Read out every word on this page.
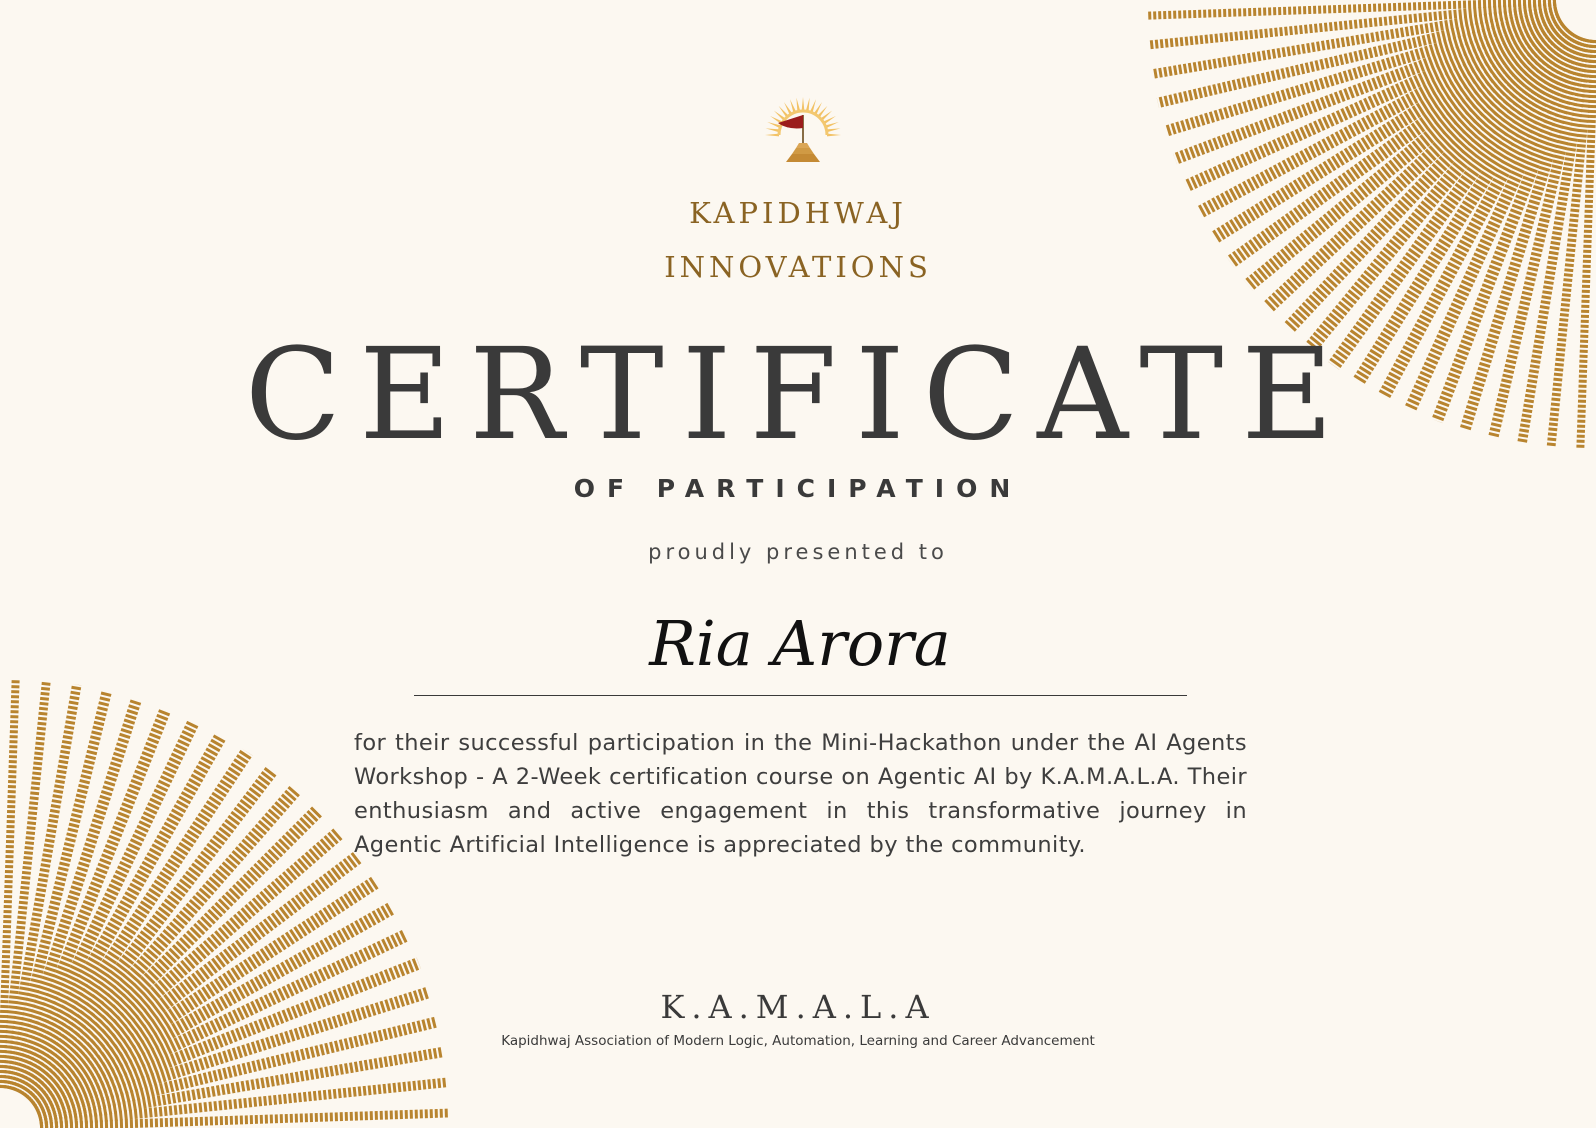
KAPIDHWAJ
INNOVATIONS
CERTIFICATE
OF PARTICIPATION
proudly presented to
Ria Arora
for their successful participation in the Mini-Hackathon under the AI Agents Workshop - A 2-Week certification course on Agentic AI by K.A.M.A.L.A. Their enthusiasm and active engagement in this transformative journey in Agentic Artificial Intelligence is appreciated by the community.
K.A.M.A.L.A
Kapidhwaj Association of Modern Logic, Automation, Learning and Career Advancement
